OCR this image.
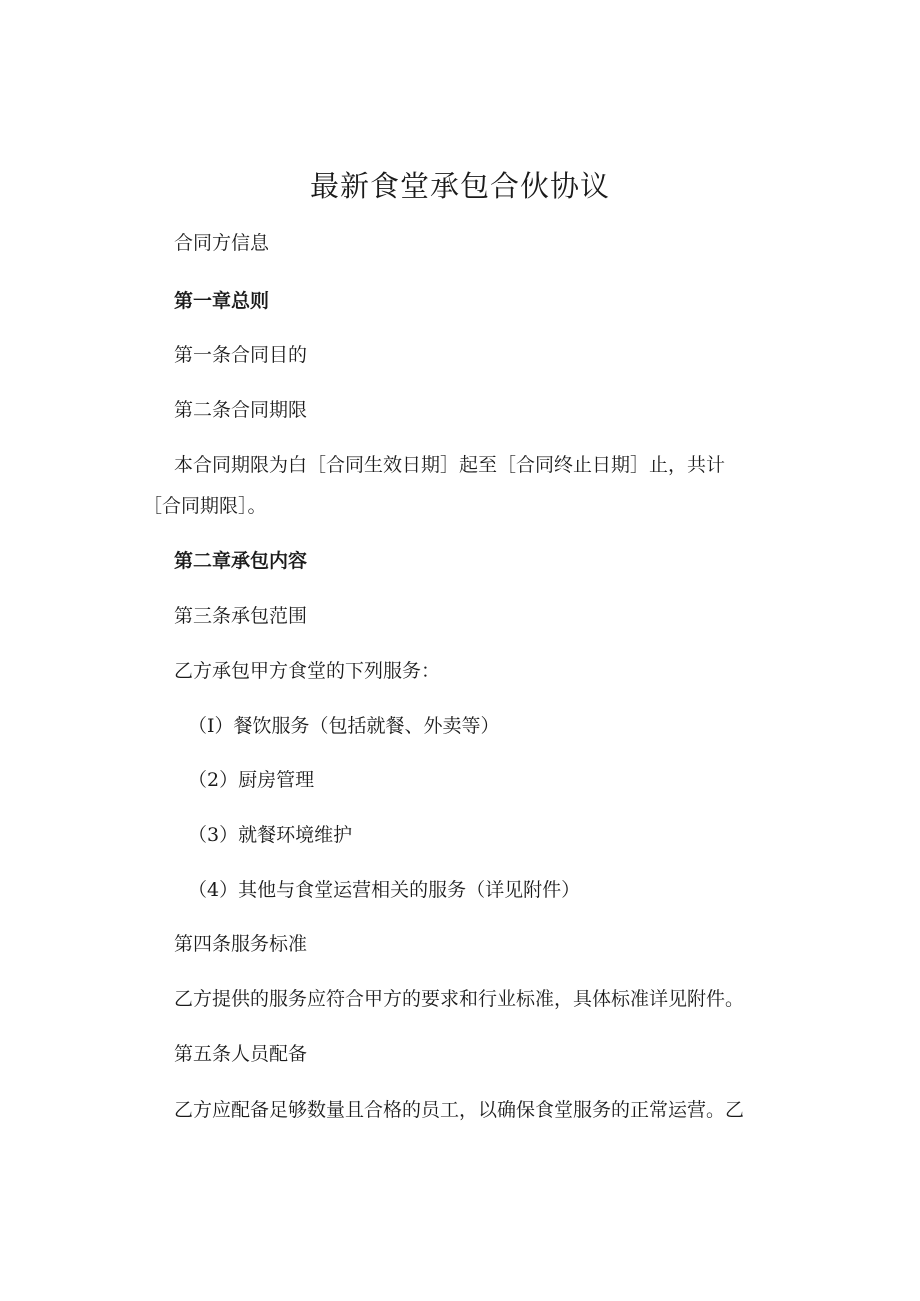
最新食堂承包合伙协议
合同方信息
第一章总则
第一条合同目的
第二条合同期限
本合同期限为白［合同生效日期］起至［合同终止日期］止，共计
［合同期限］。
第二章承包内容
第三条承包范围
乙方承包甲方食堂的下列服务：
（I）餐饮服务（包括就餐、外卖等）
（2）厨房管理
（3）就餐环境维护
（4）其他与食堂运营相关的服务（详见附件）
第四条服务标准
乙方提供的服务应符合甲方的要求和行业标准，具体标准详见附件。
第五条人员配备
乙方应配备足够数量且合格的员工，以确保食堂服务的正常运营。乙
